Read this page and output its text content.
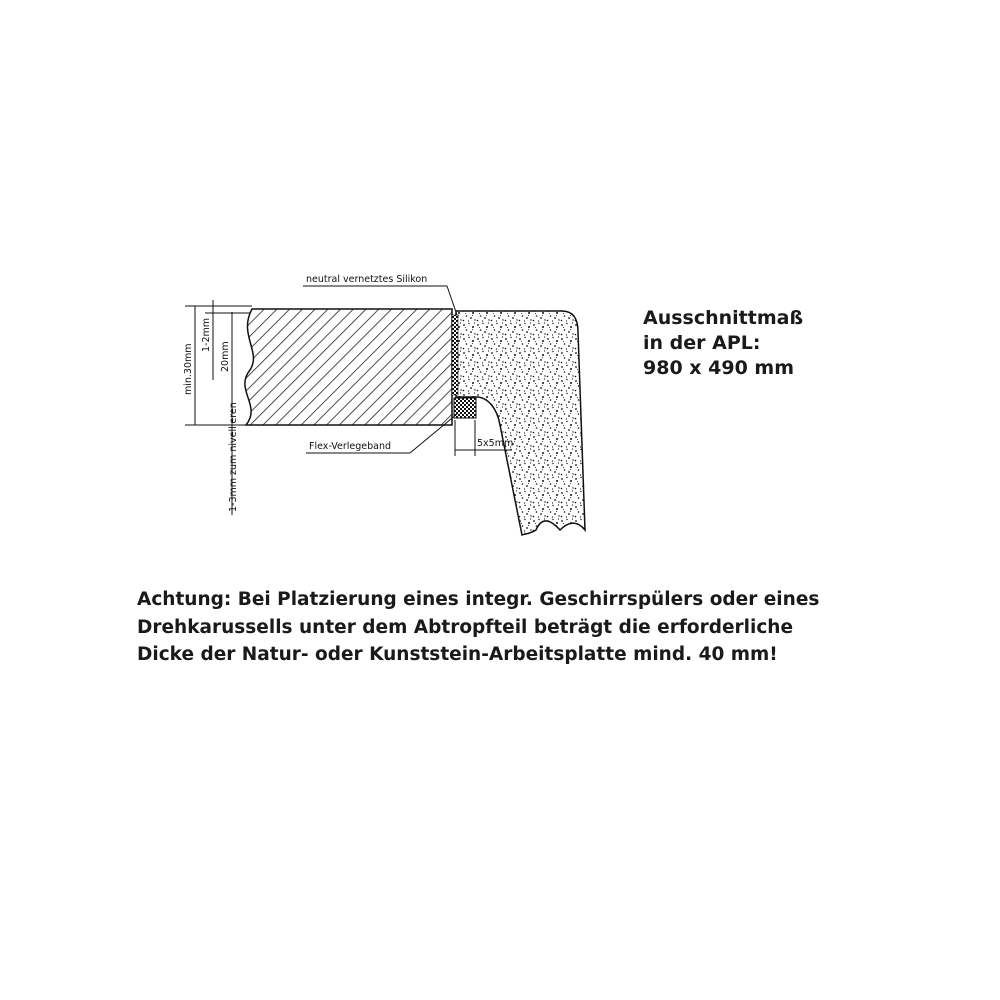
neutral vernetztes Silikon
Flex-Verlegeband	5x5mm
min.30mm
1-2mm
20mm
1-3mm zum nivellieren
Ausschnittmaß
in der APL:
980 x 490 mm
Achtung: Bei Platzierung eines integr. Geschirrspülers oder eines
Drehkarussells unter dem Abtropfteil beträgt die erforderliche
Dicke der Natur- oder Kunststein-Arbeitsplatte mind. 40 mm!
